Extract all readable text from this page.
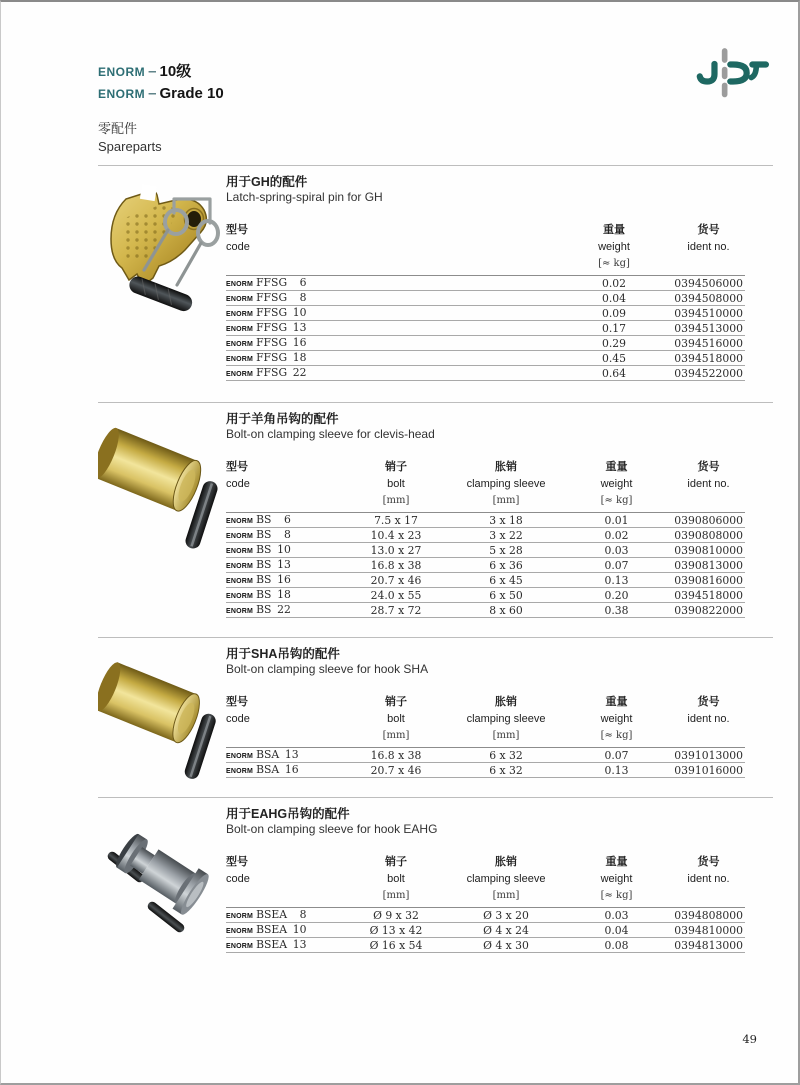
enorm – 10级
enorm – Grade 10
零配件
Spareparts
用于GH的配件
Latch-spring-spiral pin for GH
型号
code

重量
weight
[≈ kg]

货号
ident no.

enorm FFSG 6	0.02	0394506000
enorm FFSG 8	0.04	0394508000
enorm FFSG 10	0.09	0394510000
enorm FFSG 13	0.17	0394513000
enorm FFSG 16	0.29	0394516000
enorm FFSG 18	0.45	0394518000
enorm FFSG 22	0.64	0394522000
用于羊角吊钩的配件
Bolt-on clamping sleeve for clevis-head
型号
code

销子
bolt
[mm]

胀销
clamping sleeve
[mm]

重量
weight
[≈ kg]

货号
ident no.

enorm BS 6	7.5 x 17	3 x 18	0.01	0390806000
enorm BS 8	10.4 x 23	3 x 22	0.02	0390808000
enorm BS 10	13.0 x 27	5 x 28	0.03	0390810000
enorm BS 13	16.8 x 38	6 x 36	0.07	0390813000
enorm BS 16	20.7 x 46	6 x 45	0.13	0390816000
enorm BS 18	24.0 x 55	6 x 50	0.20	0394518000
enorm BS 22	28.7 x 72	8 x 60	0.38	0390822000
用于SHA吊钩的配件
Bolt-on clamping sleeve for hook SHA
型号
code

销子
bolt
[mm]

胀销
clamping sleeve
[mm]

重量
weight
[≈ kg]

货号
ident no.

enorm BSA 13	16.8 x 38	6 x 32	0.07	0391013000
enorm BSA 16	20.7 x 46	6 x 32	0.13	0391016000
用于EAHG吊钩的配件
Bolt-on clamping sleeve for hook EAHG
型号
code

销子
bolt
[mm]

胀销
clamping sleeve
[mm]

重量
weight
[≈ kg]

货号
ident no.

enorm BSEA 8	Ø 9 x 32	Ø 3 x 20	0.03	0394808000
enorm BSEA 10	Ø 13 x 42	Ø 4 x 24	0.04	0394810000
enorm BSEA 13	Ø 16 x 54	Ø 4 x 30	0.08	0394813000
49
